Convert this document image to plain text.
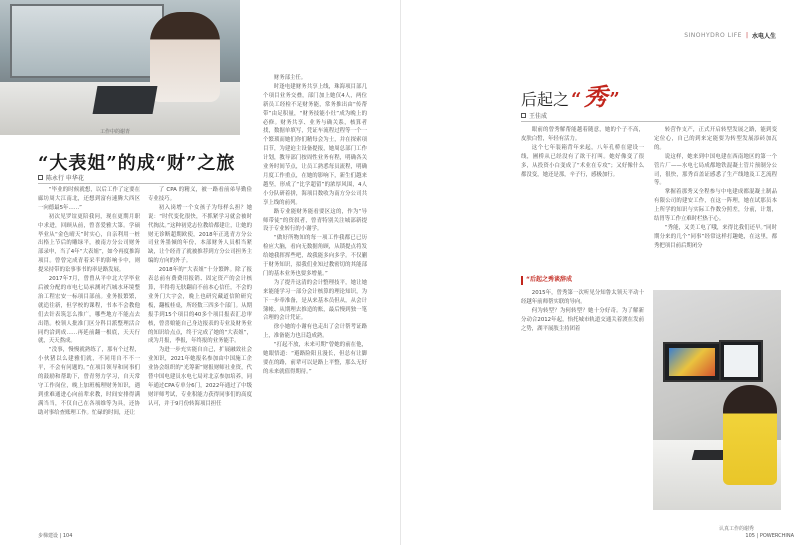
工作中的谢青
“大表姐”的成“财”之旅
陈永行 申华花

“毕业的时候就想，以后工作了定要在廊坊周大江南北，还想到富有速腾大西区一向德最5年……”

初次见罗谊更陪我问，现在更期月职中求进，回顾从前，曾喜爱雅大第。学硕毕业从“金色晴天”时实心，自亲利用一桩出格上节后的雕绿平，被南方分公司财务部录申，当了4年“大表姐”，如今再度推海项目。曾曾完成青着采半的影响卡中，则提采持带的讼事事书的率是路发展。

2017年7月，曾曾从平中北大学毕业后被分配的市电七局承测对汽城水环境整治工程宏安一标项目部前。业务报繁繁，就追往新，但学校的课程，书本不会教他们去针表筑怎么推广，哪些地方不能点去出错。校领人批准门区分科目派整理活合同约洽到成……再延前翻一根底，天天行就，天天熬成。

“没事，慢慢就熟练了，那有个过程，小伙猪以么建雅们就，不同用自不不一平，不会有问题的。”在项目领导和同事们的鼓励和帮助下，曾青努力学习，自天常守工作岗位，晚上加班梳理财务知识，遇到重难通进心向前辈求教，时间安排得满满当当，不仅自己在各项维等为具，还协助对事给查账理工作。忙碌的时间，还让

了 CPA 的精义，被一路看前弟导勤俭专业技巧。

初入岗增一个女孩子为每样么担？她说：“时代变化很快，不抓紧学习就会被时代掏汰。”这种初党志位教给都建让，让她的财无诊断超期欧使，2018年正选青方分公司业务墨倾的年份，本部财务人员相当紧缺，让个经青了就被推荐到方分公司担务主编的方向的外子。

2018年的“大表姐”十分繁眸。除了报表总前有费费用报销、固定资产的会计核算，半得将无肤翻肩不前本心信任，不会的业务门大宇会，晚上也研究藏道信阶研究板，翻板桂桌，所经数三四多个部门。从期报手到15个项目的40多个项目报表汇总审核，曾喜娘能自己身边报表的专业及财务业的知识给点点，终于完成了她的“大表姐”，成为月报，季报，年终报的业务能手。

为进一步充实能自自己，扩展融效社会业知识，2021年她报名参加由中国施工企业协会组织的“光筹新”财报财师社业资，代替中国电建员水电七局对北京参加培养，同年通过CPA专单分6门，2022年通过了中级财评师考试，专业积能力获得同事们的高度认可，并于9月份转海项目担任

财务部主任。

时逢电建财务共享上线，珠海项目部几个项目业务交叠，部门加上她仅4人，两位新员工经检不足财务能，常务推出由“传帮带”由足积量，“财务技能小灶”成为晚上的必修。财务共享、业务与确关系，核算者找，数据单填写，凭证车流程过程等一个一个繁琐而她们你们精每会为士，并在探索项目节，为建迫主设备提报，她周总部门工作计划，教导部门按周性业务有程，明确各关业务时间节点，让员工熟悉每员流程，明确月度工作重点，在她的影响下，新生们越来越坚，形成了“比学超留”的浓厚风围，4人小分队研着拼，海项目数收为南方分公司共享上线的前列。

路专业能财务能看要区这的，作为“导师带徒”的资叙者，曾青特别关注城部新提设于专业转行的小谢学。

“做好所物知的每一项工作我都已已历检应大脑，看向无数据角顾，从锁提点将发给她我挥挥些吧，故我能多向多学。不仅蒯于财务知识，拟我们业知过教密切的其能部门的基本业务也要多增量。”

为了提升这清的会计整理技平，她让她来能能学习一部分会计核算的理论知识，为下一步牵准备，是从来基本员但从，从会计簿帐、从期理去推造的账，最后慢到独一笔合理的会计凭证。

徐小她的小谢有也走出了会计帮考证路上，准备能力也日趋成熟。

“打起不放，未来可期”曾她的前在他，她眼悟道：“避路险阳且漫长，但总有让脚要在的路，前辈可以是路上平整，那么无好的未来就值得期待。”

步梯建设 | 104
SINOHYDRO LIFE | 水电人生
后起之 “ 秀 ”
王佳成

眼前的曾秀解帮能越着随意，她的个子不高，皮肤白皙，年轻有活力。

这个七年装箱背年来起，八年孔桥在建设一线，圃桥从已经没有了欲干打叫。她好像变了很多，从投资小白变成了“术业在专攻”；又好像什么都没变，她还是那，辛子行，感极加行。

“后起之秀谈辞成

2015年，曾秀第一次听见分知鲁太领天平动十经越年前师帮实联的导向。

何为转型？为何转型？她十分好奇。为了解新分动合2012年起，怡托城市轨道交通关着渡在发前之势，湖平展肢主持团着

转营作支产，正式开启转型发展之路，能到变定位心，自己的到来定能要为转型发展添砖加瓦的。

说这样，她来到中国电建在西南地区的第一个管片厂——水电七局成都地铁混凝土管片预制分公司，很快，那秀首盖证感悉了生产线地及工艺流程等。

掌握着那秀又全程参与中电建成都混凝土制品有限公司的建安工作，在这一阵理，她在试那员本上所学的知识与实际工作数分照差，分前，计划，结胃等工作立难时栏热于心。

“秀能，又美工电了哦，来得比我们还早。”同时期分来的几个“同事”经常这样打趣她，在这里，都秀把项目前后期闭分

认真工作的谢秀
105 | POWERCHINA
